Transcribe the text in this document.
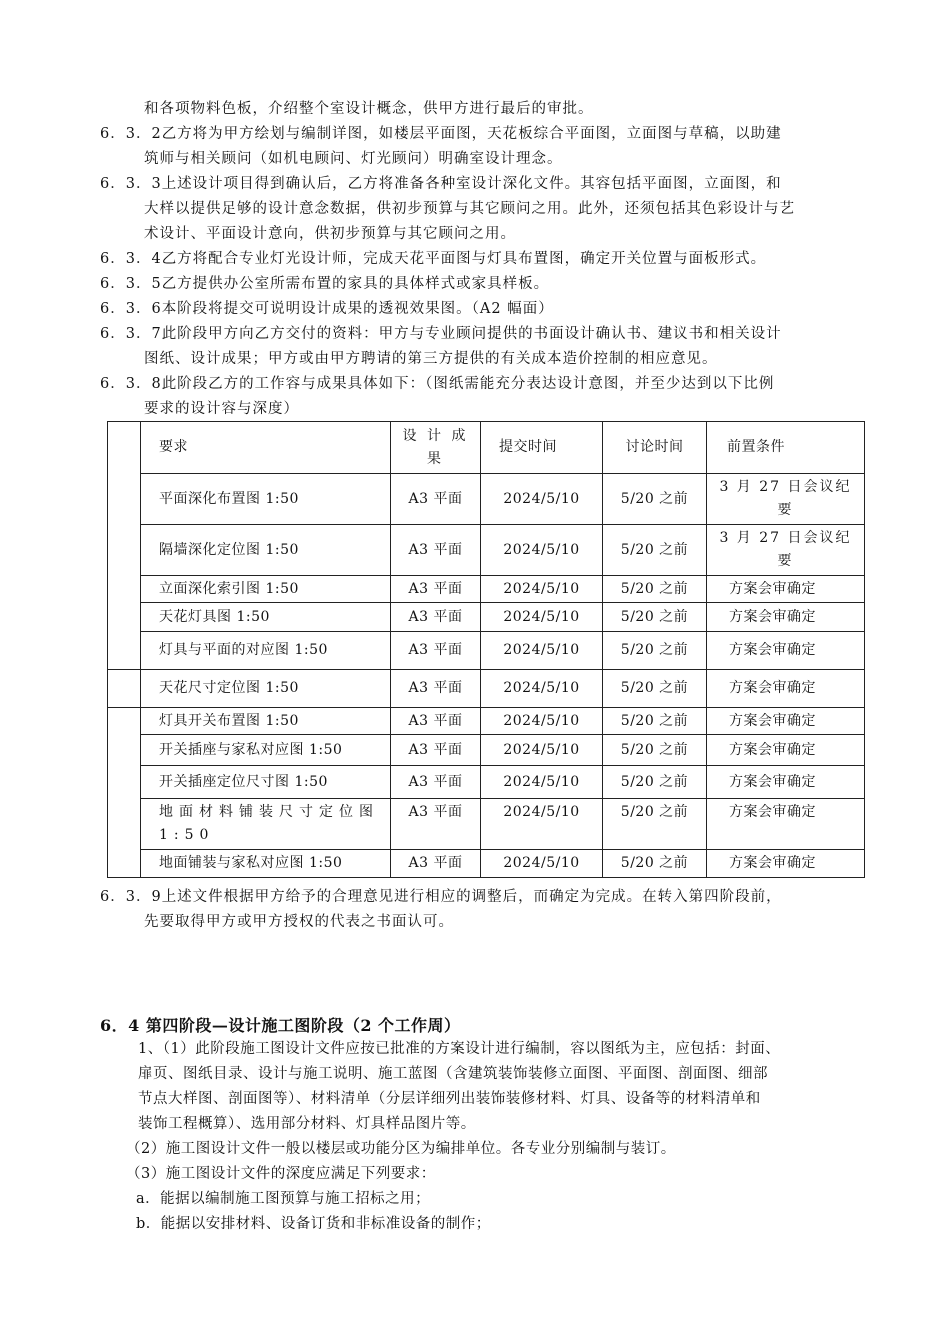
和各项物料色板，介绍整个室设计概念，供甲方进行最后的审批。
6．3．2乙方将为甲方绘划与编制详图，如楼层平面图，天花板综合平面图，立面图与草稿，以助建
筑师与相关顾问（如机电顾问、灯光顾问）明确室设计理念。
6．3．3上述设计项目得到确认后，乙方将准备各种室设计深化文件。其容包括平面图，立面图，和
大样以提供足够的设计意念数据，供初步预算与其它顾问之用。此外，还须包括其色彩设计与艺
术设计、平面设计意向，供初步预算与其它顾问之用。
6．3．4乙方将配合专业灯光设计师，完成天花平面图与灯具布置图，确定开关位置与面板形式。
6．3．5乙方提供办公室所需布置的家具的具体样式或家具样板。
6．3．6本阶段将提交可说明设计成果的透视效果图。（A2 幅面）
6．3．7此阶段甲方向乙方交付的资料：甲方与专业顾问提供的书面设计确认书、建议书和相关设计
图纸、设计成果；甲方或由甲方聘请的第三方提供的有关成本造价控制的相应意见。
6．3．8此阶段乙方的工作容与成果具体如下：（图纸需能充分表达设计意图，并至少达到以下比例
要求的设计容与深度）
	要求	设 计 成 果	提交时间	讨论时间	前置条件
	平面深化布置图 1:50	A3 平面	2024/5/10	5/20 之前	3 月 27 日会议纪要
	隔墙深化定位图 1:50	A3 平面	2024/5/10	5/20 之前	3 月 27 日会议纪要
	立面深化索引图 1:50	A3 平面	2024/5/10	5/20 之前	方案会审确定
	天花灯具图 1:50	A3 平面	2024/5/10	5/20 之前	方案会审确定
	灯具与平面的对应图 1:50	A3 平面	2024/5/10	5/20 之前	方案会审确定
	天花尺寸定位图 1:50	A3 平面	2024/5/10	5/20 之前	方案会审确定
	灯具开关布置图 1:50	A3 平面	2024/5/10	5/20 之前	方案会审确定
	开关插座与家私对应图 1:50	A3 平面	2024/5/10	5/20 之前	方案会审确定
	开关插座定位尺寸图 1:50	A3 平面	2024/5/10	5/20 之前	方案会审确定
	地面材料铺装尺寸定位图 1:50	A3 平面	2024/5/10	5/20 之前	方案会审确定
	地面铺装与家私对应图 1:50	A3 平面	2024/5/10	5/20 之前	方案会审确定
6．3．9上述文件根据甲方给予的合理意见进行相应的调整后，而确定为完成。在转入第四阶段前，
先要取得甲方或甲方授权的代表之书面认可。
6．4 第四阶段—设计施工图阶段（2 个工作周）
1、（1）此阶段施工图设计文件应按已批准的方案设计进行编制，容以图纸为主，应包括：封面、
扉页、图纸目录、设计与施工说明、施工蓝图（含建筑装饰装修立面图、平面图、剖面图、细部
节点大样图、剖面图等）、材料清单（分层详细列出装饰装修材料、灯具、设备等的材料清单和
装饰工程概算）、选用部分材料、灯具样品图片等。
（2）施工图设计文件一般以楼层或功能分区为编排单位。各专业分别编制与装订。
（3）施工图设计文件的深度应满足下列要求：
a．能据以编制施工图预算与施工招标之用；
b．能据以安排材料、设备订货和非标准设备的制作；
